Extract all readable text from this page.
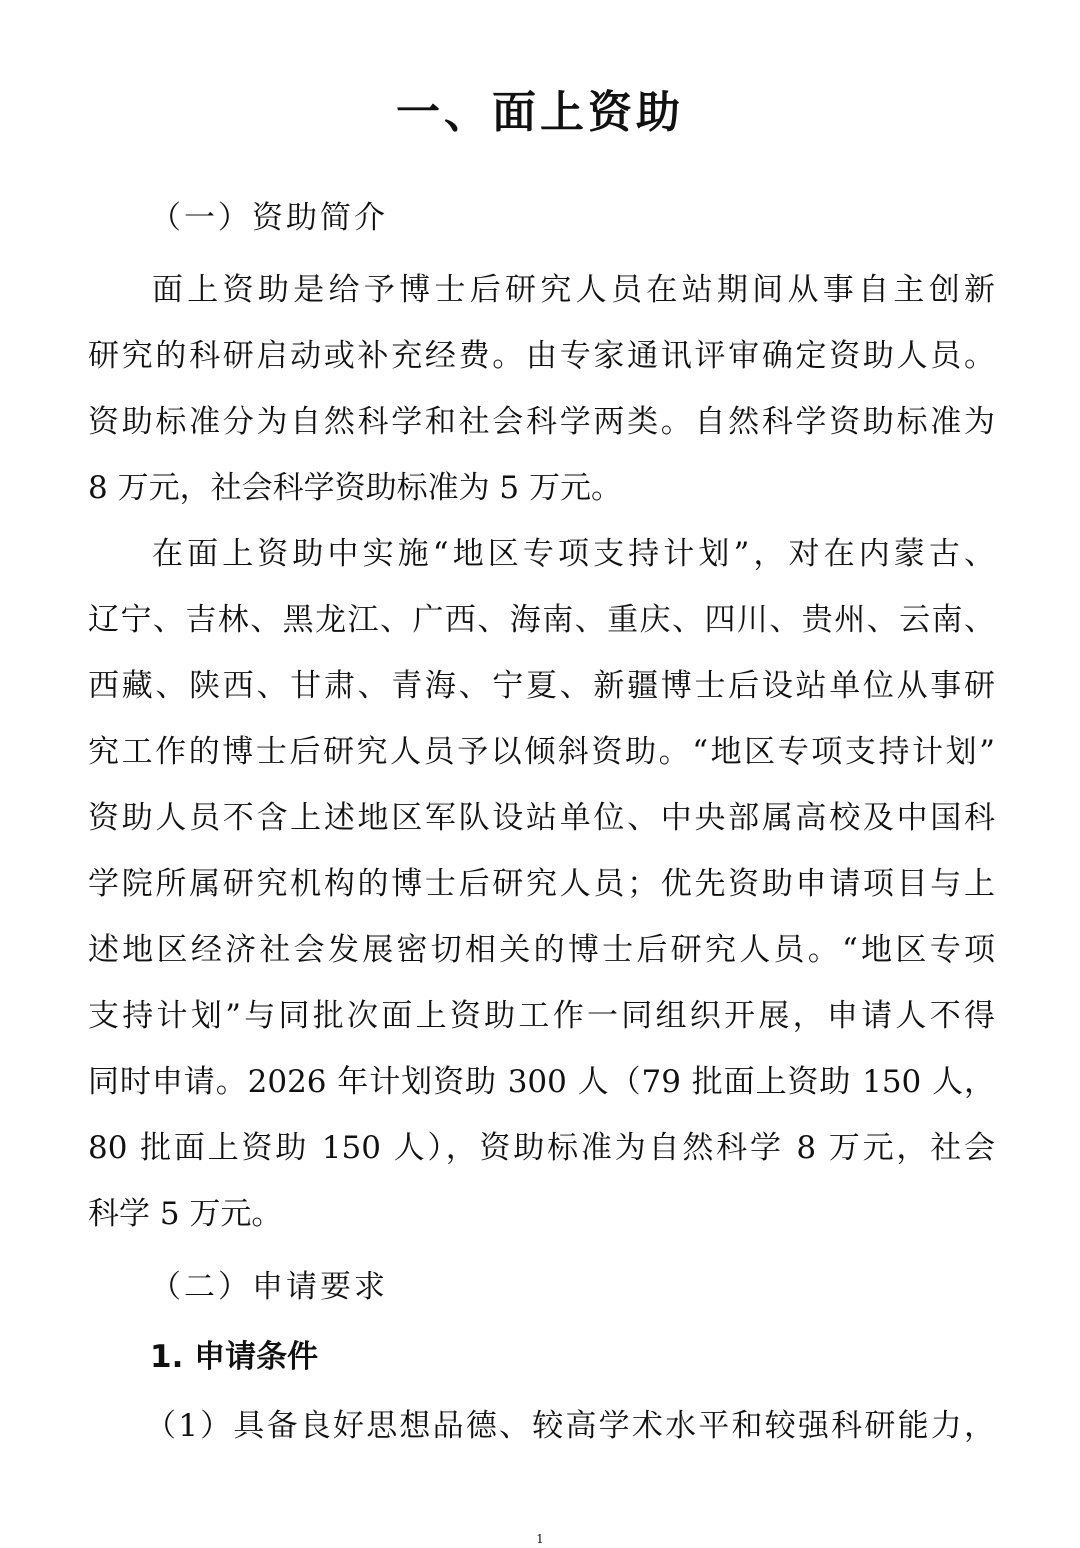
一、面上资助
（一）资助简介
面上资助是给予博士后研究人员在站期间从事自主创新
研究的科研启动或补充经费。由专家通讯评审确定资助人员。
资助标准分为自然科学和社会科学两类。自然科学资助标准为
8 万元，社会科学资助标准为 5 万元。
在面上资助中实施“地区专项支持计划”，对在内蒙古、
辽宁、吉林、黑龙江、广西、海南、重庆、四川、贵州、云南、
西藏、陕西、甘肃、青海、宁夏、新疆博士后设站单位从事研
究工作的博士后研究人员予以倾斜资助。“地区专项支持计划”
资助人员不含上述地区军队设站单位、中央部属高校及中国科
学院所属研究机构的博士后研究人员；优先资助申请项目与上
述地区经济社会发展密切相关的博士后研究人员。“地区专项
支持计划”与同批次面上资助工作一同组织开展，申请人不得
同时申请。2026 年计划资助 300 人（79 批面上资助 150 人，
80 批面上资助 150 人），资助标准为自然科学 8 万元，社会
科学 5 万元。
（二）申请要求
1. 申请条件
（1）具备良好思想品德、较高学术水平和较强科研能力，
1
